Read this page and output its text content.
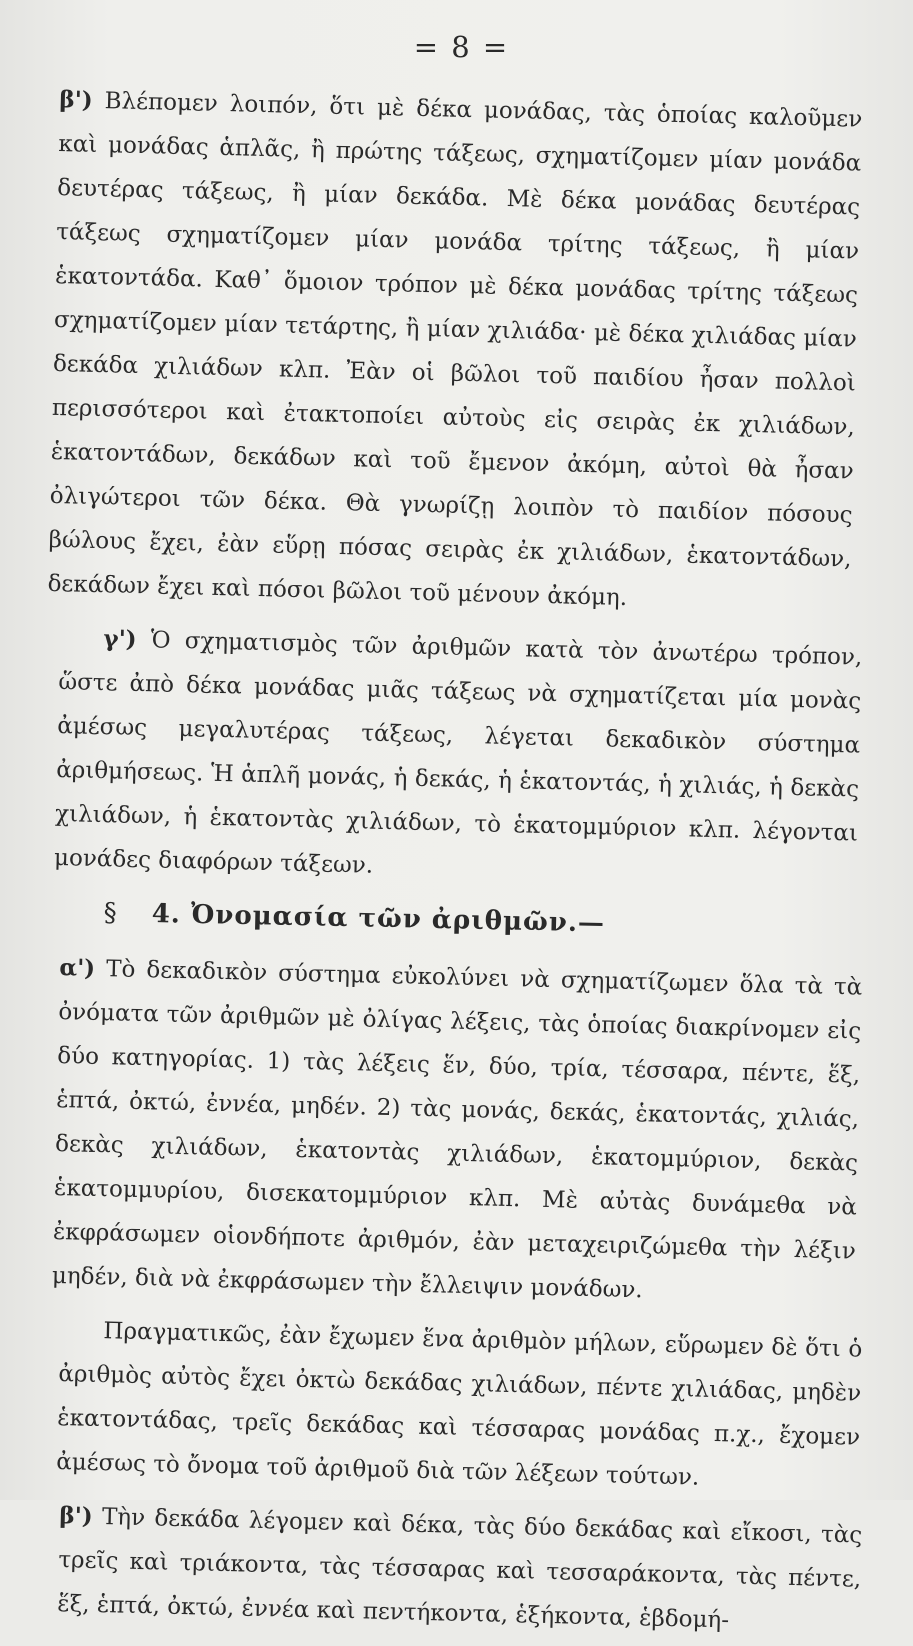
= 8 =

β') Βλέπομεν λοιπόν, ὅτι μὲ δέκα μονάδας, τὰς ὁποίας καλοῦμεν καὶ μονάδας ἁπλᾶς, ἢ πρώτης τάξεως, σχηματίζομεν μίαν μονάδα δευτέρας τάξεως, ἢ μίαν δεκάδα. Μὲ δέκα μονάδας δευτέρας τάξεως σχηματίζομεν μίαν μονάδα τρίτης τάξεως, ἢ μίαν ἑκατοντάδα. Καθ᾿ ὅμοιον τρόπον μὲ δέκα μονάδας τρίτης τάξεως σχηματίζομεν μίαν τετάρτης, ἢ μίαν χιλιάδα· μὲ δέκα χιλιάδας μίαν δεκάδα χιλιάδων κλπ. Ἐὰν οἱ βῶλοι τοῦ παιδίου ἦσαν πολλοὶ περισσότεροι καὶ ἐτακτοποίει αὐτοὺς εἰς σειρὰς ἐκ χιλιάδων, ἑκατοντάδων, δεκάδων καὶ τοῦ ἔμενον ἀκόμη, αὐτοὶ θὰ ἦσαν ὀλιγώτεροι τῶν δέκα. Θὰ γνωρίζῃ λοιπὸν τὸ παιδίον πόσους βώλους ἔχει, ἐὰν εὕρῃ πόσας σειρὰς ἐκ χιλιάδων, ἑκατοντάδων, δεκάδων ἔχει καὶ πόσοι βῶλοι τοῦ μένουν ἀκόμη.

γ') Ὁ σχηματισμὸς τῶν ἀριθμῶν κατὰ τὸν ἀνωτέρω τρόπον, ὥστε ἀπὸ δέκα μονάδας μιᾶς τάξεως νὰ σχηματίζεται μία μονὰς ἀμέσως μεγαλυτέρας τάξεως, λέγεται δεκαδικὸν σύστημα ἀριθμήσεως. Ἡ ἁπλῆ μονάς, ἡ δεκάς, ἡ ἑκατοντάς, ἡ χιλιάς, ἡ δεκὰς χιλιάδων, ἡ ἑκατοντὰς χιλιάδων, τὸ ἑκατομμύριον κλπ. λέγονται μονάδες διαφόρων τάξεων.

§ 4. Ὀνομασία τῶν ἀριθμῶν.—

α') Τὸ δεκαδικὸν σύστημα εὐκολύνει νὰ σχηματίζωμεν ὅλα τὰ τὰ ὀνόματα τῶν ἀριθμῶν μὲ ὀλίγας λέξεις, τὰς ὁποίας διακρίνομεν εἰς δύο κατηγορίας. 1) τὰς λέξεις ἕν, δύο, τρία, τέσσαρα, πέντε, ἕξ, ἑπτά, ὀκτώ, ἐννέα, μηδέν. 2) τὰς μονάς, δεκάς, ἑκατοντάς, χιλιάς, δεκὰς χιλιάδων, ἑκατοντὰς χιλιάδων, ἑκατομμύριον, δεκὰς ἑκατομμυρίου, δισεκατομμύριον κλπ. Μὲ αὐτὰς δυνάμεθα νὰ ἐκφράσωμεν οἱονδήποτε ἀριθμόν, ἐὰν μεταχειριζώμεθα τὴν λέξιν μηδέν, διὰ νὰ ἐκφράσωμεν τὴν ἔλλειψιν μονάδων.

Πραγματικῶς, ἐὰν ἔχωμεν ἕνα ἀριθμὸν μήλων, εὕρωμεν δὲ ὅτι ὁ ἀριθμὸς αὐτὸς ἔχει ὀκτὼ δεκάδας χιλιάδων, πέντε χιλιάδας, μηδὲν ἑκατοντάδας, τρεῖς δεκάδας καὶ τέσσαρας μονάδας π.χ., ἔχομεν ἀμέσως τὸ ὄνομα τοῦ ἀριθμοῦ διὰ τῶν λέξεων τούτων.

β') Τὴν δεκάδα λέγομεν καὶ δέκα, τὰς δύο δεκάδας καὶ εἴκοσι, τὰς τρεῖς καὶ τριάκοντα, τὰς τέσσαρας καὶ τεσσαράκοντα, τὰς πέντε, ἕξ, ἑπτά, ὀκτώ, ἐννέα καὶ πεντήκοντα, ἑξήκοντα, ἑβδομή-
